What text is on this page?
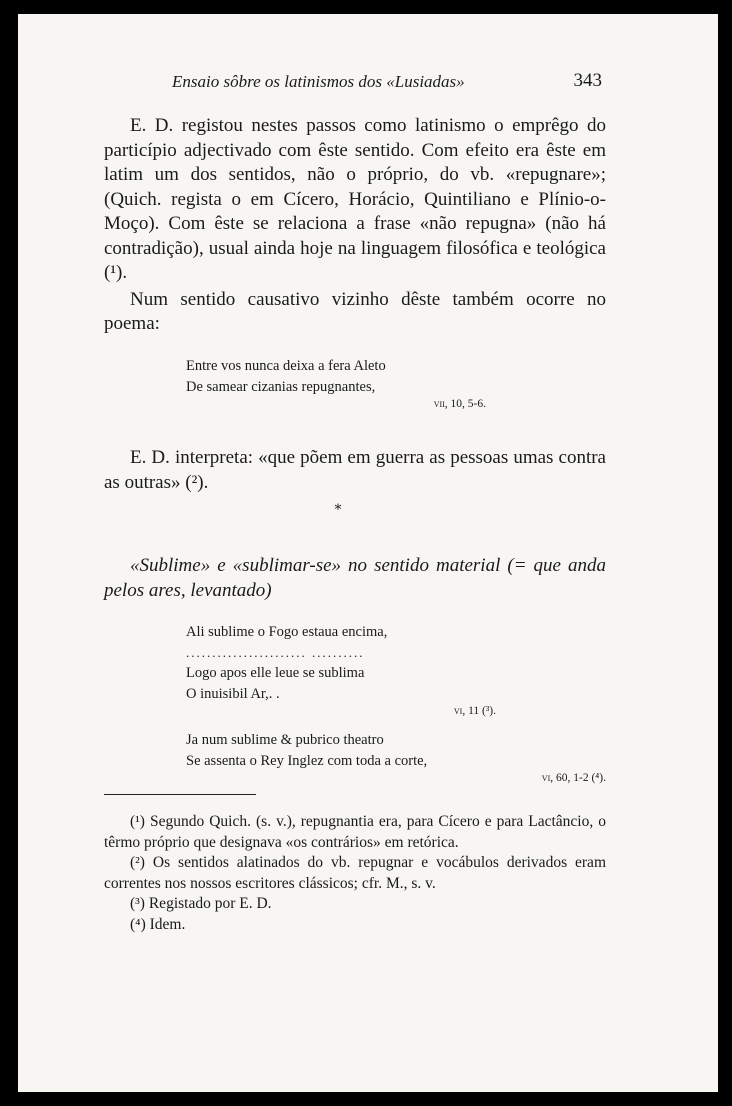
Ensaio sôbre os latinismos dos «Lusiadas»	343

E. D. registou nestes passos como latinismo o emprêgo do particípio adjectivado com êste sentido. Com efeito era êste em latim um dos sentidos, não o próprio, do vb. «repugnare»; (Quich. regista o em Cícero, Horácio, Quintiliano e Plínio-o-Moço). Com êste se relaciona a frase «não repugna» (não há contradição), usual ainda hoje na linguagem filosófica e teológica (¹).

Num sentido causativo vizinho dêste também ocorre no poema:

Entre vos nunca deixa a fera Aleto
De samear cizanias repugnantes,
vii, 10, 5-6.

E. D. interpreta: «que põem em guerra as pessoas umas contra as outras» (²).

*

«Sublime» e «sublimar-se» no sentido material (= que anda pelos ares, levantado)

Ali sublime o Fogo estaua encima,
....................... ..........
Logo apos elle leue se sublima
O inuisibil Ar,. .
vi, 11 (³).
Ja num sublime & pubrico theatro
Se assenta o Rey Inglez com toda a corte,
vi, 60, 1-2 (⁴).

(¹) Segundo Quich. (s. v.), repugnantia era, para Cícero e para Lactâncio, o têrmo próprio que designava «os contrários» em retórica.

(²) Os sentidos alatinados do vb. repugnar e vocábulos derivados eram correntes nos nossos escritores clássicos; cfr. M., s. v.

(³) Registado por E. D.

(⁴) Idem.
